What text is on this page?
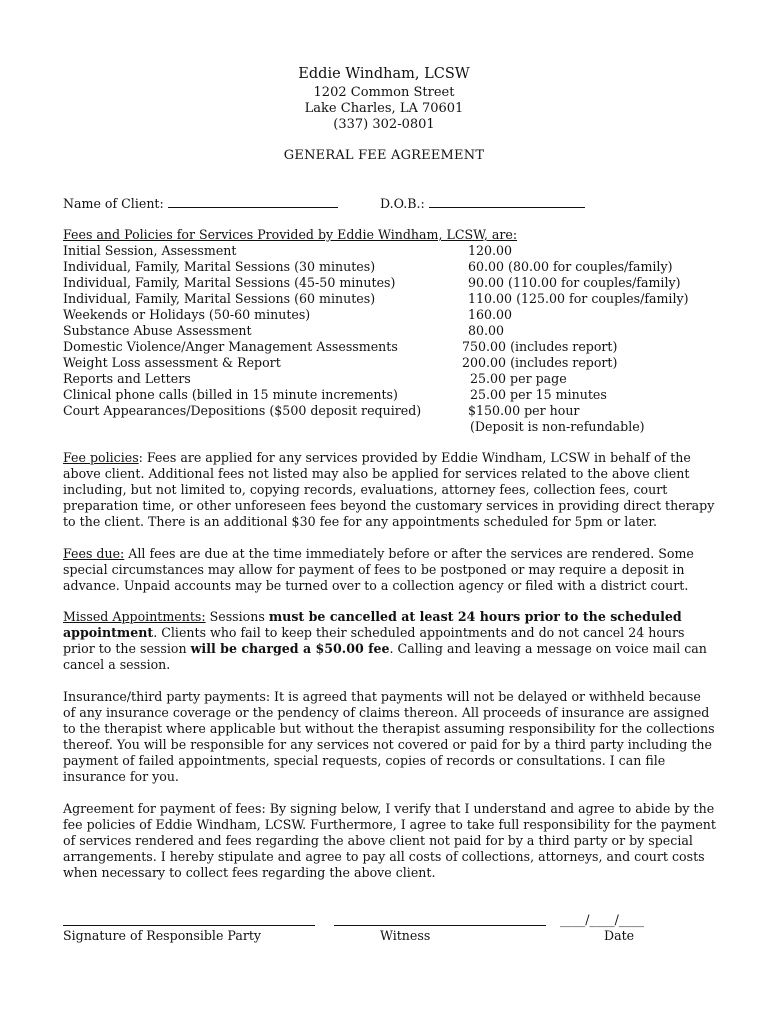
Eddie Windham, LCSW
1202 Common Street
Lake Charles, LA 70601
(337) 302-0801
GENERAL FEE AGREEMENT
Name of Client:	D.O.B.:
Fees and Policies for Services Provided by Eddie Windham, LCSW, are:
Initial Session, Assessment	120.00
Individual, Family, Marital Sessions (30 minutes)	60.00 (80.00 for couples/family)
Individual, Family, Marital Sessions (45-50 minutes)	90.00 (110.00 for couples/family)
Individual, Family, Marital Sessions (60 minutes)	110.00 (125.00 for couples/family)
Weekends or Holidays (50-60 minutes)	160.00
Substance Abuse Assessment	80.00
Domestic Violence/Anger Management Assessments	750.00 (includes report)
Weight Loss assessment & Report	200.00 (includes report)
Reports and Letters	25.00 per page
Clinical phone calls (billed in 15 minute increments)	25.00 per 15 minutes
Court Appearances/Depositions ($500 deposit required)	$150.00 per hour
(Deposit is non-refundable)
Fee policies: Fees are applied for any services provided by Eddie Windham, LCSW in behalf of the
above client. Additional fees not listed may also be applied for services related to the above client
including, but not limited to, copying records, evaluations, attorney fees, collection fees, court
preparation time, or other unforeseen fees beyond the customary services in providing direct therapy
to the client. There is an additional $30 fee for any appointments scheduled for 5pm or later.
Fees due: All fees are due at the time immediately before or after the services are rendered. Some
special circumstances may allow for payment of fees to be postponed or may require a deposit in
advance. Unpaid accounts may be turned over to a collection agency or filed with a district court.
Missed Appointments: Sessions must be cancelled at least 24 hours prior to the scheduled
appointment. Clients who fail to keep their scheduled appointments and do not cancel 24 hours
prior to the session will be charged a $50.00 fee. Calling and leaving a message on voice mail can
cancel a session.
Insurance/third party payments: It is agreed that payments will not be delayed or withheld because
of any insurance coverage or the pendency of claims thereon. All proceeds of insurance are assigned
to the therapist where applicable but without the therapist assuming responsibility for the collections
thereof. You will be responsible for any services not covered or paid for by a third party including the
payment of failed appointments, special requests, copies of records or consultations. I can file
insurance for you.
Agreement for payment of fees: By signing below, I verify that I understand and agree to abide by the
fee policies of Eddie Windham, LCSW. Furthermore, I agree to take full responsibility for the payment
of services rendered and fees regarding the above client not paid for by a third party or by special
arrangements. I hereby stipulate and agree to pay all costs of collections, attorneys, and court costs
when necessary to collect fees regarding the above client.
____/____/____
Signature of Responsible Party	Witness	Date
